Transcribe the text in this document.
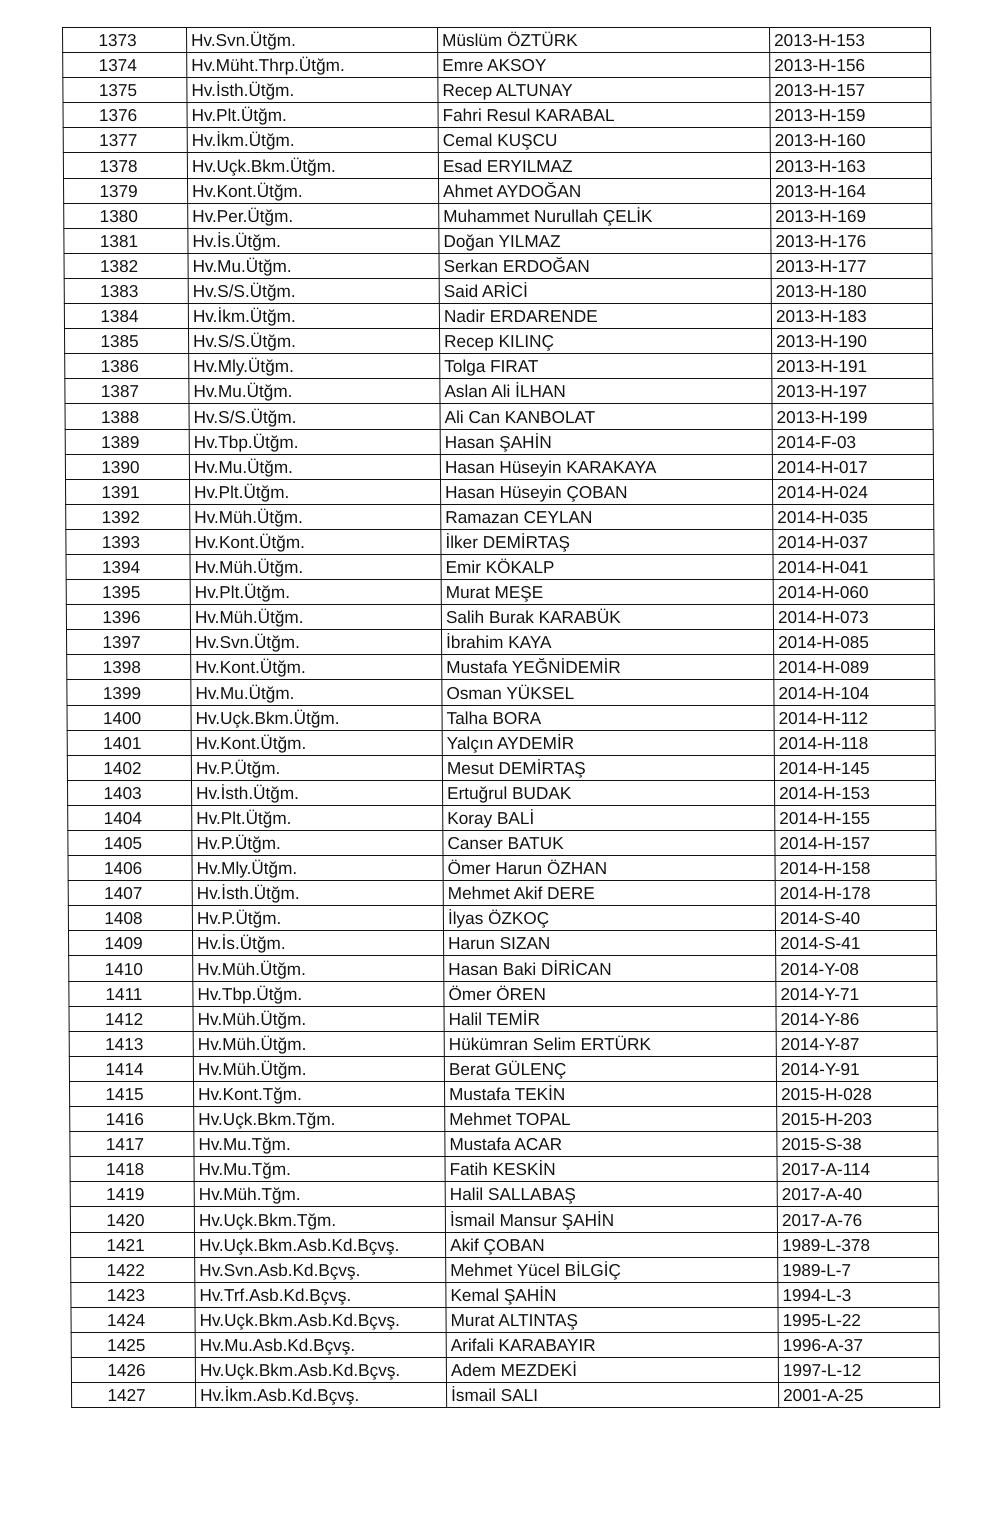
1373	Hv.Svn.Ütğm.	Müslüm ÖZTÜRK	2013-H-153
1374	Hv.Müht.Thrp.Ütğm.	Emre AKSOY	2013-H-156
1375	Hv.İsth.Ütğm.	Recep ALTUNAY	2013-H-157
1376	Hv.Plt.Ütğm.	Fahri Resul KARABAL	2013-H-159
1377	Hv.İkm.Ütğm.	Cemal KUŞCU	2013-H-160
1378	Hv.Uçk.Bkm.Ütğm.	Esad ERYILMAZ	2013-H-163
1379	Hv.Kont.Ütğm.	Ahmet AYDOĞAN	2013-H-164
1380	Hv.Per.Ütğm.	Muhammet Nurullah ÇELİK	2013-H-169
1381	Hv.İs.Ütğm.	Doğan YILMAZ	2013-H-176
1382	Hv.Mu.Ütğm.	Serkan ERDOĞAN	2013-H-177
1383	Hv.S/S.Ütğm.	Said ARİCİ	2013-H-180
1384	Hv.İkm.Ütğm.	Nadir ERDARENDE	2013-H-183
1385	Hv.S/S.Ütğm.	Recep KILINÇ	2013-H-190
1386	Hv.Mly.Ütğm.	Tolga FIRAT	2013-H-191
1387	Hv.Mu.Ütğm.	Aslan Ali İLHAN	2013-H-197
1388	Hv.S/S.Ütğm.	Ali Can KANBOLAT	2013-H-199
1389	Hv.Tbp.Ütğm.	Hasan ŞAHİN	2014-F-03
1390	Hv.Mu.Ütğm.	Hasan Hüseyin KARAKAYA	2014-H-017
1391	Hv.Plt.Ütğm.	Hasan Hüseyin ÇOBAN	2014-H-024
1392	Hv.Müh.Ütğm.	Ramazan CEYLAN	2014-H-035
1393	Hv.Kont.Ütğm.	İlker DEMİRTAŞ	2014-H-037
1394	Hv.Müh.Ütğm.	Emir KÖKALP	2014-H-041
1395	Hv.Plt.Ütğm.	Murat MEŞE	2014-H-060
1396	Hv.Müh.Ütğm.	Salih Burak KARABÜK	2014-H-073
1397	Hv.Svn.Ütğm.	İbrahim KAYA	2014-H-085
1398	Hv.Kont.Ütğm.	Mustafa YEĞNİDEMİR	2014-H-089
1399	Hv.Mu.Ütğm.	Osman YÜKSEL	2014-H-104
1400	Hv.Uçk.Bkm.Ütğm.	Talha BORA	2014-H-112
1401	Hv.Kont.Ütğm.	Yalçın AYDEMİR	2014-H-118
1402	Hv.P.Ütğm.	Mesut DEMİRTAŞ	2014-H-145
1403	Hv.İsth.Ütğm.	Ertuğrul BUDAK	2014-H-153
1404	Hv.Plt.Ütğm.	Koray BALİ	2014-H-155
1405	Hv.P.Ütğm.	Canser BATUK	2014-H-157
1406	Hv.Mly.Ütğm.	Ömer Harun ÖZHAN	2014-H-158
1407	Hv.İsth.Ütğm.	Mehmet Akif DERE	2014-H-178
1408	Hv.P.Ütğm.	İlyas ÖZKOÇ	2014-S-40
1409	Hv.İs.Ütğm.	Harun SIZAN	2014-S-41
1410	Hv.Müh.Ütğm.	Hasan Baki DİRİCAN	2014-Y-08
1411	Hv.Tbp.Ütğm.	Ömer ÖREN	2014-Y-71
1412	Hv.Müh.Ütğm.	Halil TEMİR	2014-Y-86
1413	Hv.Müh.Ütğm.	Hükümran Selim ERTÜRK	2014-Y-87
1414	Hv.Müh.Ütğm.	Berat GÜLENÇ	2014-Y-91
1415	Hv.Kont.Tğm.	Mustafa TEKİN	2015-H-028
1416	Hv.Uçk.Bkm.Tğm.	Mehmet TOPAL	2015-H-203
1417	Hv.Mu.Tğm.	Mustafa ACAR	2015-S-38
1418	Hv.Mu.Tğm.	Fatih KESKİN	2017-A-114
1419	Hv.Müh.Tğm.	Halil SALLABAŞ	2017-A-40
1420	Hv.Uçk.Bkm.Tğm.	İsmail Mansur ŞAHİN	2017-A-76
1421	Hv.Uçk.Bkm.Asb.Kd.Bçvş.	Akif ÇOBAN	1989-L-378
1422	Hv.Svn.Asb.Kd.Bçvş.	Mehmet Yücel BİLGİÇ	1989-L-7
1423	Hv.Trf.Asb.Kd.Bçvş.	Kemal ŞAHİN	1994-L-3
1424	Hv.Uçk.Bkm.Asb.Kd.Bçvş.	Murat ALTINTAŞ	1995-L-22
1425	Hv.Mu.Asb.Kd.Bçvş.	Arifali KARABAYIR	1996-A-37
1426	Hv.Uçk.Bkm.Asb.Kd.Bçvş.	Adem MEZDEKİ	1997-L-12
1427	Hv.İkm.Asb.Kd.Bçvş.	İsmail SALI	2001-A-25
